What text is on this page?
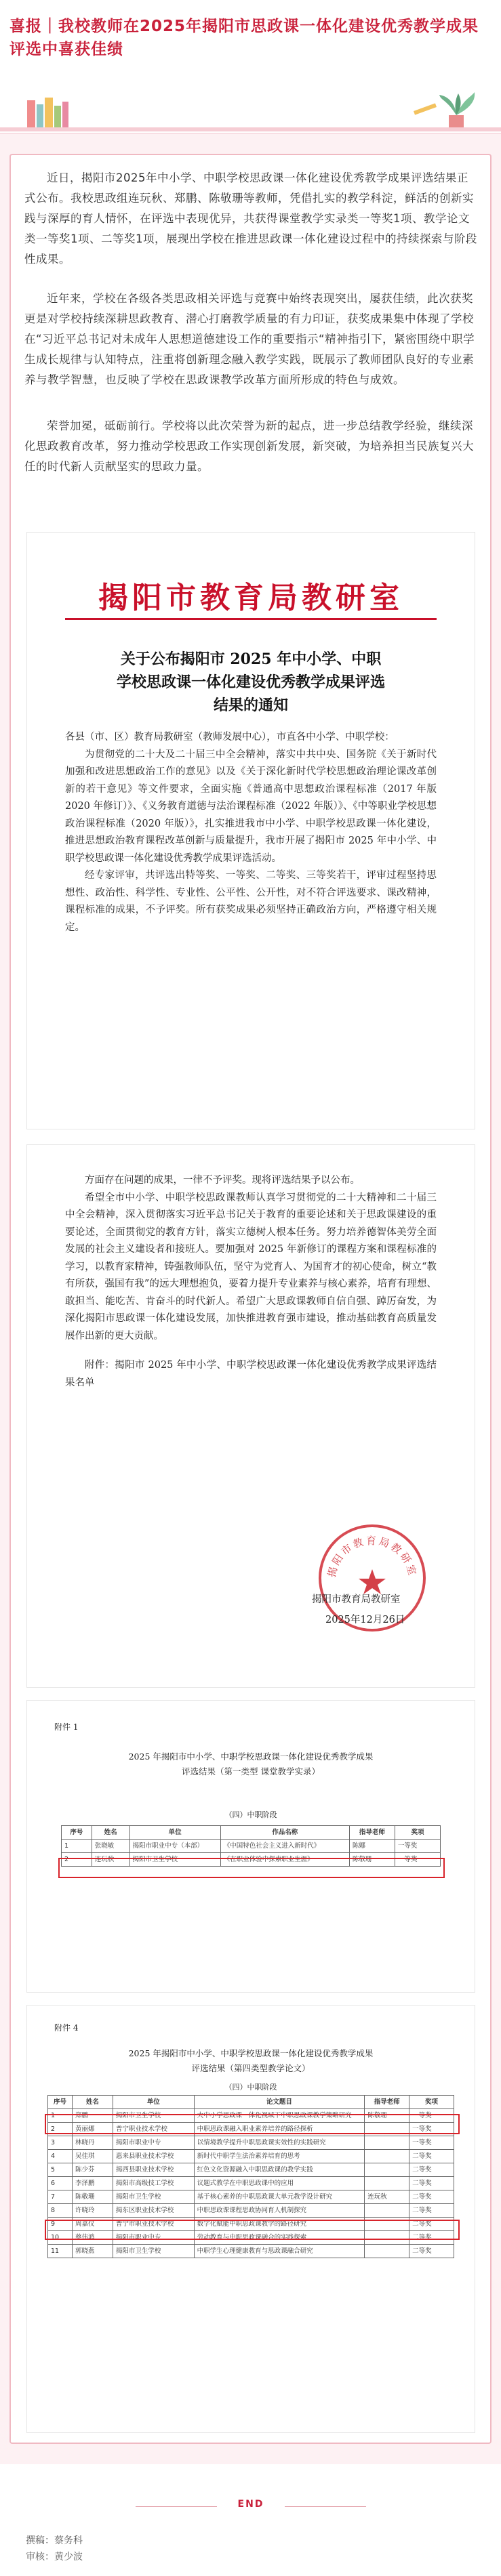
喜报｜我校教师在2025年揭阳市思政课一体化建设优秀教学成果评选中喜获佳绩
近日，揭阳市2025年中小学、中职学校思政课一体化建设优秀教学成果评选结果正式公布。我校思政组连玩秋、郑鹏、陈敬珊等教师，凭借扎实的教学科淀，鲜活的创新实践与深厚的育人情怀，在评选中表现优异，共获得课堂教学实录类一等奖1项、教学论文类一等奖1项、二等奖1项，展现出学校在推进思政课一体化建设过程中的持续探索与阶段性成果。
近年来，学校在各级各类思政相关评选与竞赛中始终表现突出，屡获佳绩，此次获奖更是对学校持续深耕思政教育、潜心打磨教学质量的有力印证，获奖成果集中体现了学校在“习近平总书记对未成年人思想道德建设工作的重要指示“精神指引下，紧密围绕中职学生成长规律与认知特点，注重将创新理念融入教学实践，既展示了教师团队良好的专业素养与教学智慧，也反映了学校在思政课教学改革方面所形成的特色与成效。
荣誉加冕，砥砺前行。学校将以此次荣誉为新的起点，进一步总结教学经验，继续深化思政教育改革，努力推动学校思政工作实现创新发展，新突破，为培养担当民族复兴大任的时代新人贡献坚实的思政力量。
揭阳市教育局教研室
关于公布揭阳市 2025 年中小学、中职
学校思政课一体化建设优秀教学成果评选
结果的通知

各县（市、区）教育局教研室（教师发展中心），市直各中小学、中职学校：

为贯彻党的二十大及二十届三中全会精神，落实中共中央、国务院《关于新时代加强和改进思想政治工作的意见》以及《关于深化新时代学校思想政治理论课改革创新的若干意见》等文件要求，全面实施《普通高中思想政治课程标准（2017 年版 2020 年修订）》、《义务教育道德与法治课程标准（2022 年版）》、《中等职业学校思想政治课程标准（2020 年版）》，扎实推进我市中小学、中职学校思政课一体化建设，推进思想政治教育课程改革创新与质量提升，我市开展了揭阳市 2025 年中小学、中职学校思政课一体化建设优秀教学成果评选活动。

经专家评审，共评选出特等奖、一等奖、二等奖、三等奖若干，评审过程坚持思想性、政治性、科学性、专业性、公平性、公开性，对不符合评选要求、课改精神，课程标准的成果，不予评奖。所有获奖成果必须坚持正确政治方向，严格遵守相关规定。

方面存在问题的成果，一律不予评奖。现将评选结果予以公布。

希望全市中小学、中职学校思政课教师认真学习贯彻党的二十大精神和二十届三中全会精神，深入贯彻落实习近平总书记关于教育的重要论述和关于思政课建设的重要论述，全面贯彻党的教育方针，落实立德树人根本任务。努力培养德智体美劳全面发展的社会主义建设者和接班人。要加强对 2025 年新修订的课程方案和课程标准的学习，以教育家精神，铸强教师队伍，坚守为党育人、为国育才的初心使命，树立“教有所获，强国有我”的远大理想抱负，要着力提升专业素养与核心素养，培育有理想、敢担当、能吃苦、肯奋斗的时代新人。希望广大思政课教师自信自强、踔厉奋发，为深化揭阳市思政课一体化建设发展，加快推进教育强市建设，推动基础教育高质量发展作出新的更大贡献。

附件：揭阳市 2025 年中小学、中职学校思政课一体化建设优秀教学成果评选结果名单

揭阳市教育局教研室
揭阳市教育局教研室
2025年12月26日
附件 1
2025 年揭阳市中小学、中职学校思政课一体化建设优秀教学成果
评选结果（第一类型 课堂教学实录）
（四）中职阶段
序号	姓名	单位	作品名称	指导老师	奖项
1	张晓敏	揭阳市职业中专（本部）	《中国特色社会主义进入新时代》	陈娜	一等奖
2	连玩秋	揭阳市卫生学校	《在职业体验中探索职业生涯》	陈敬珊	一等奖
附件 4
2025 年揭阳市中小学、中职学校思政课一体化建设优秀教学成果
评选结果（第四类型教学论文）
（四）中职阶段
序号	姓名	单位	论文题目	指导老师	奖项
1	郑鹏	揭阳市卫生学校	大中小学思政课一体化视域下中职思政课教学策略研究	陈敬珊	一等奖
2	黄丽娜	普宁职业技术学校	中职思政课融入职业素养培养的路径探析		一等奖
3	林晓丹	揭阳市职业中专	以情境教学提升中职思政课实效性的实践研究		一等奖
4	吴佳琪	惠来县职业技术学校	新时代中职学生法治素养培育的思考		二等奖
5	陈少芬	揭西县职业技术学校	红色文化资源融入中职思政课的教学实践		二等奖
6	李泽鹏	揭阳市高级技工学校	议题式教学在中职思政课中的应用		二等奖
7	陈敬珊	揭阳市卫生学校	基于核心素养的中职思政课大单元教学设计研究	连玩秋	二等奖
8	许晓玲	揭东区职业技术学校	中职思政课课程思政协同育人机制探究		二等奖
9	周嘉仪	普宁市职业技术学校	数字化赋能中职思政课教学的路径研究		二等奖
10	蔡伟鸿	揭阳市职业中专	劳动教育与中职思政课融合的实践探索		二等奖
11	郭晓燕	揭阳市卫生学校	中职学生心理健康教育与思政课融合研究		二等奖
END
撰稿：蔡务科
审核：黄少波
